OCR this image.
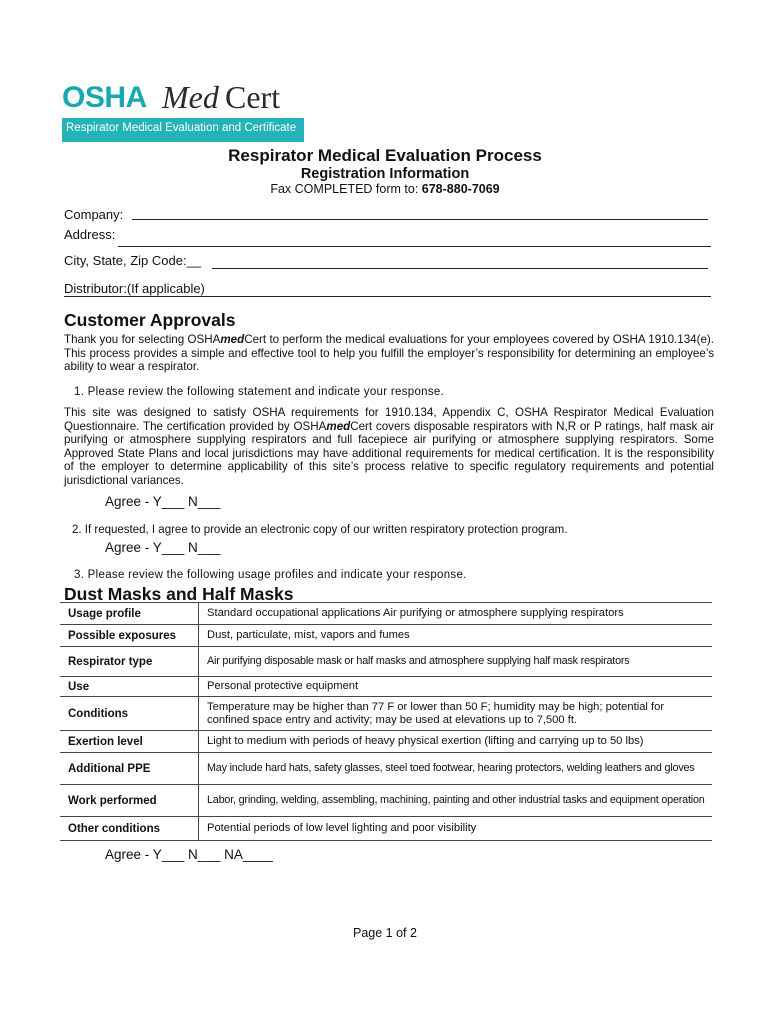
OSHA Med Cert
Respirator Medical Evaluation and Certificate
Respirator Medical Evaluation Process
Registration Information
Fax COMPLETED form to: 678-880-7069
Company:
Address:
City, State, Zip Code:__
Distributor:(If applicable)
Customer Approvals
Thank you for selecting OSHAmedCert to perform the medical evaluations for your employees covered by OSHA 1910.134(e). This process provides a simple and effective tool to help you fulfill the employer’s responsibility for determining an employee’s ability to wear a respirator.
1. Please review the following statement and indicate your response.
This site was designed to satisfy OSHA requirements for 1910.134, Appendix C, OSHA Respirator Medical Evaluation Questionnaire. The certification provided by OSHAmedCert covers disposable respirators with N,R or P ratings, half mask air purifying or atmosphere supplying respirators and full facepiece air purifying or atmosphere supplying respirators. Some Approved State Plans and local jurisdictions may have additional requirements for medical certification. It is the responsibility of the employer to determine applicability of this site’s process relative to specific regulatory requirements and potential jurisdictional variances.
Agree - Y___ N___
2. If requested, I agree to provide an electronic copy of our written respiratory protection program.
Agree - Y___ N___
3. Please review the following usage profiles and indicate your response.
Dust Masks and Half Masks
Usage profile	Standard occupational applications Air purifying or atmosphere supplying respirators
Possible exposures	Dust, particulate, mist, vapors and fumes
Respirator type	Air purifying disposable mask or half masks and atmosphere supplying half mask respirators
Use	Personal protective equipment
Conditions	Temperature may be higher than 77 F or lower than 50 F; humidity may be high; potential for confined space entry and activity; may be used at elevations up to 7,500 ft.
Exertion level	Light to medium with periods of heavy physical exertion (lifting and carrying up to 50 lbs)
Additional PPE	May include hard hats, safety glasses, steel toed footwear, hearing protectors, welding leathers and gloves
Work performed	Labor, grinding, welding, assembling, machining, painting and other industrial tasks and equipment operation
Other conditions	Potential periods of low level lighting and poor visibility
Agree - Y___ N___ NA____
Page 1 of 2
